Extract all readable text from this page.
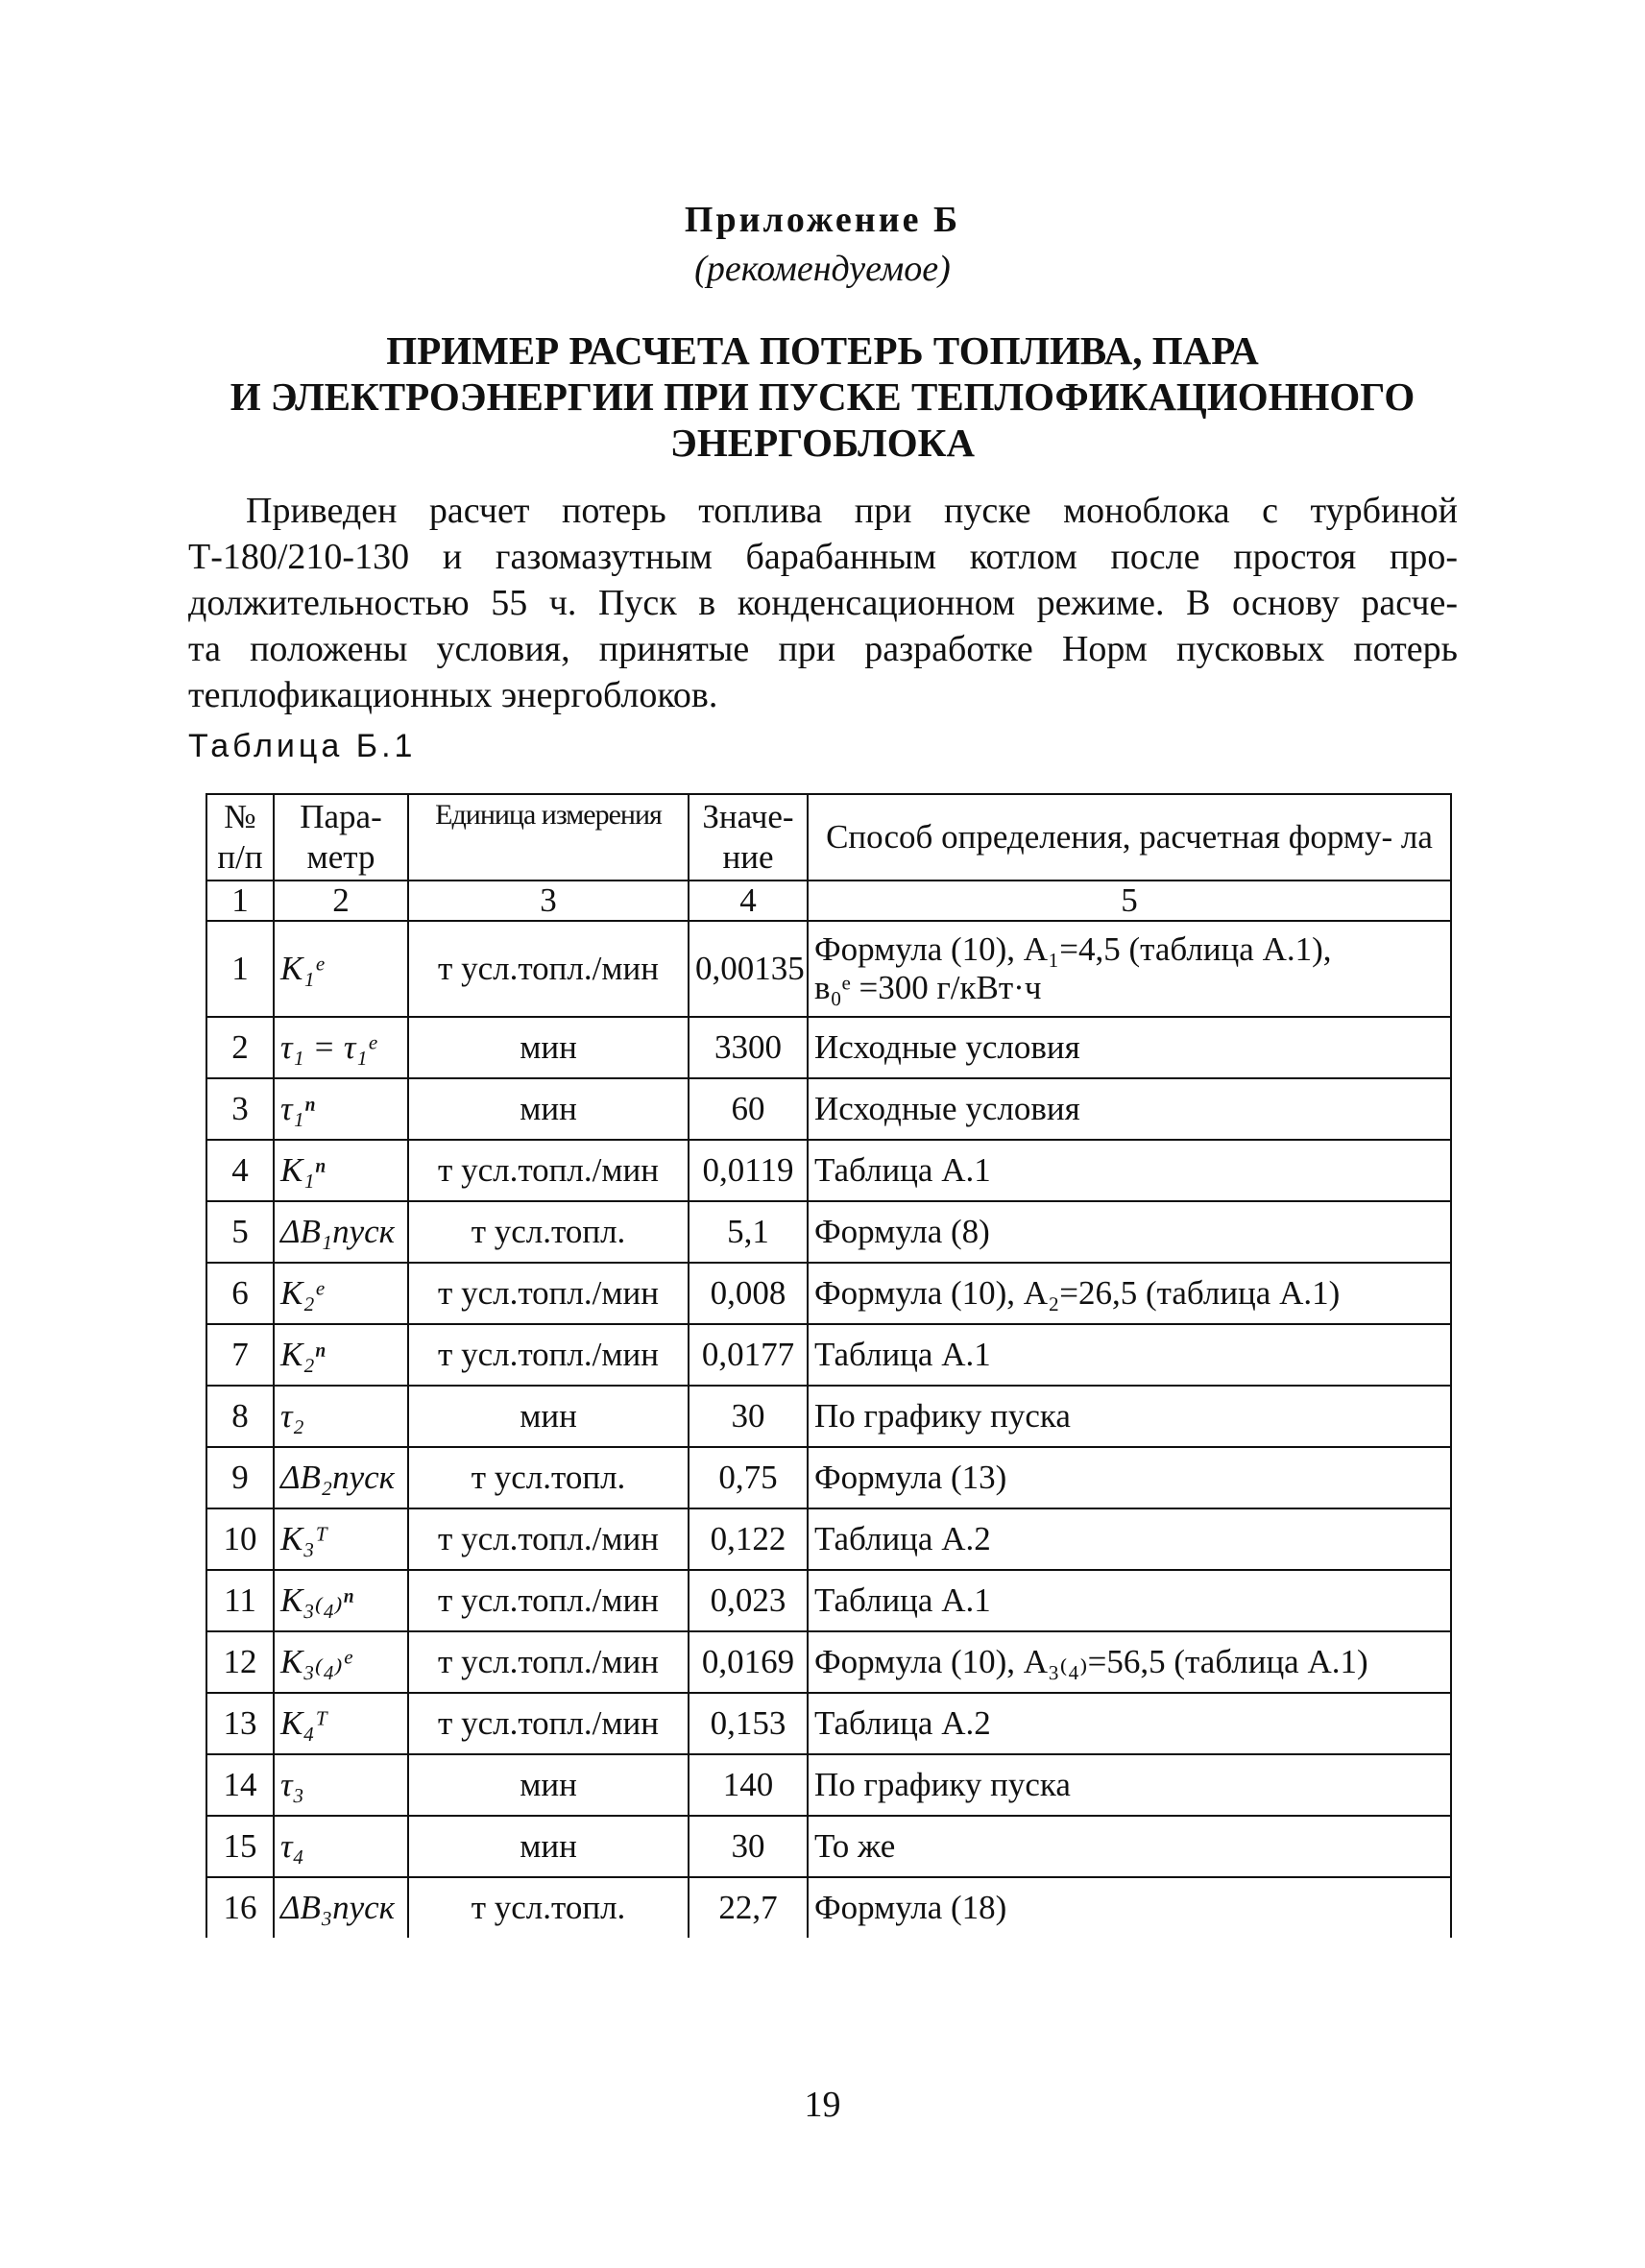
Приложение Б
(рекомендуемое)
ПРИМЕР РАСЧЕТА ПОТЕРЬ ТОПЛИВА, ПАРА
И ЭЛЕКТРОЭНЕРГИИ ПРИ ПУСКЕ ТЕПЛОФИКАЦИОННОГО
ЭНЕРГОБЛОКА
Приведен расчет потерь топлива при пуске моноблока с турбиной
Т-180/210-130 и газомазутным барабанным котлом после простоя про-
должительностью 55 ч. Пуск в конденсационном режиме. В основу расче-
та положены условия, принятые при разработке Норм пусковых потерь
теплофикационных энергоблоков.
Таблица Б.1
№ п/п	Пара- метр	Единица измерения	Значе- ние	Способ определения, расчетная форму- ла
1	2	3	4	5
1	K₁ᵉ	т усл.топл./мин	0,00135	Формула (10), A₁=4,5 (таблица А.1),
в₀ᵉ =300 г/кВт·ч

2	τ₁ = τ₁ᵉ	мин	3300	Исходные условия
3	τ₁ⁿ	мин	60	Исходные условия
4	K₁ⁿ	т усл.топл./мин	0,0119	Таблица А.1
5	ΔB₁пуск	т усл.топл.	5,1	Формула (8)
6	K₂ᵉ	т усл.топл./мин	0,008	Формула (10), A₂=26,5 (таблица А.1)
7	K₂ⁿ	т усл.топл./мин	0,0177	Таблица А.1
8	τ₂	мин	30	По графику пуска
9	ΔB₂пуск	т усл.топл.	0,75	Формула (13)
10	K₃ᵀ	т усл.топл./мин	0,122	Таблица А.2
11	K₃₍₄₎ⁿ	т усл.топл./мин	0,023	Таблица А.1
12	K₃₍₄₎ᵉ	т усл.топл./мин	0,0169	Формула (10), A₃₍₄₎=56,5 (таблица А.1)
13	K₄ᵀ	т усл.топл./мин	0,153	Таблица А.2
14	τ₃	мин	140	По графику пуска
15	τ₄	мин	30	То же
16	ΔB₃пуск	т усл.топл.	22,7	Формула (18)
19
